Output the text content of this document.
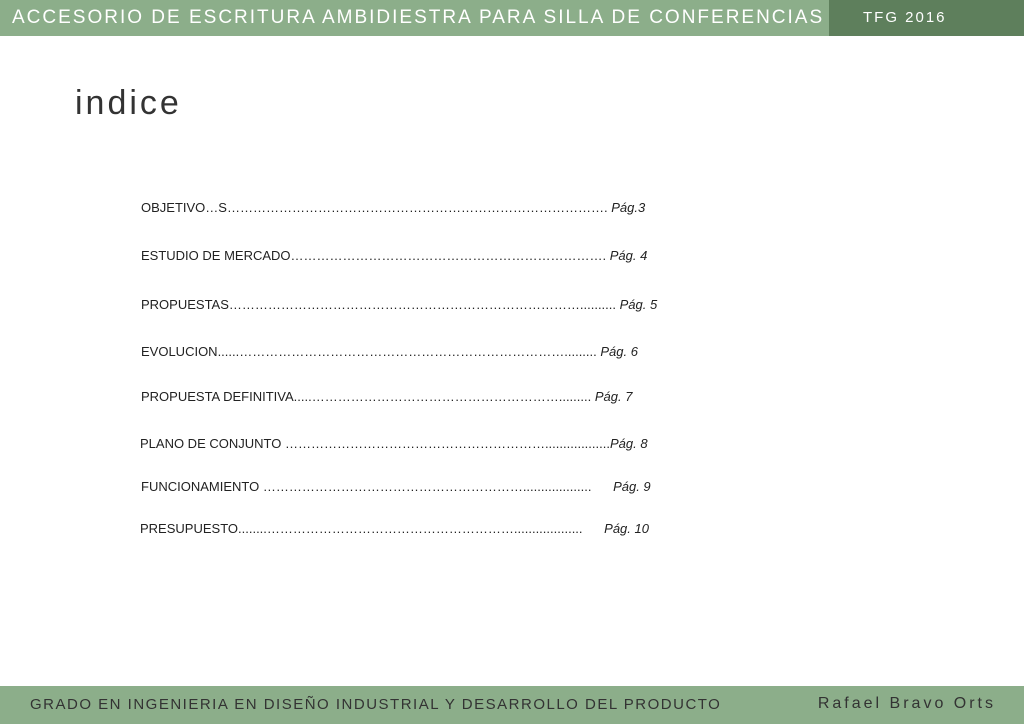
ACCESORIO DE ESCRITURA AMBIDIESTRA PARA SILLA DE CONFERENCIAS	TFG 2016
indice
OBJETIVO…S……………………………………………………………………………. Pág.3
ESTUDIO DE MERCADO………………………………………………………………. Pág. 4
PROPUESTAS……………………………………………………………………….......... Pág. 5
EVOLUCION......…………………………………………………………………......... Pág. 6
PROPUESTA DEFINITIVA.....…………………………………………………......... Pág. 7
PLANO DE CONJUNTO ……………………………………………………..................Pág. 8
FUNCIONAMIENTO ……………………………………………………................... Pág. 9
PRESUPUESTO........…………………………………………………................... Pág. 10
GRADO EN INGENIERIA EN DISEÑO INDUSTRIAL Y DESARROLLO DEL PRODUCTO	Rafael Bravo Orts
